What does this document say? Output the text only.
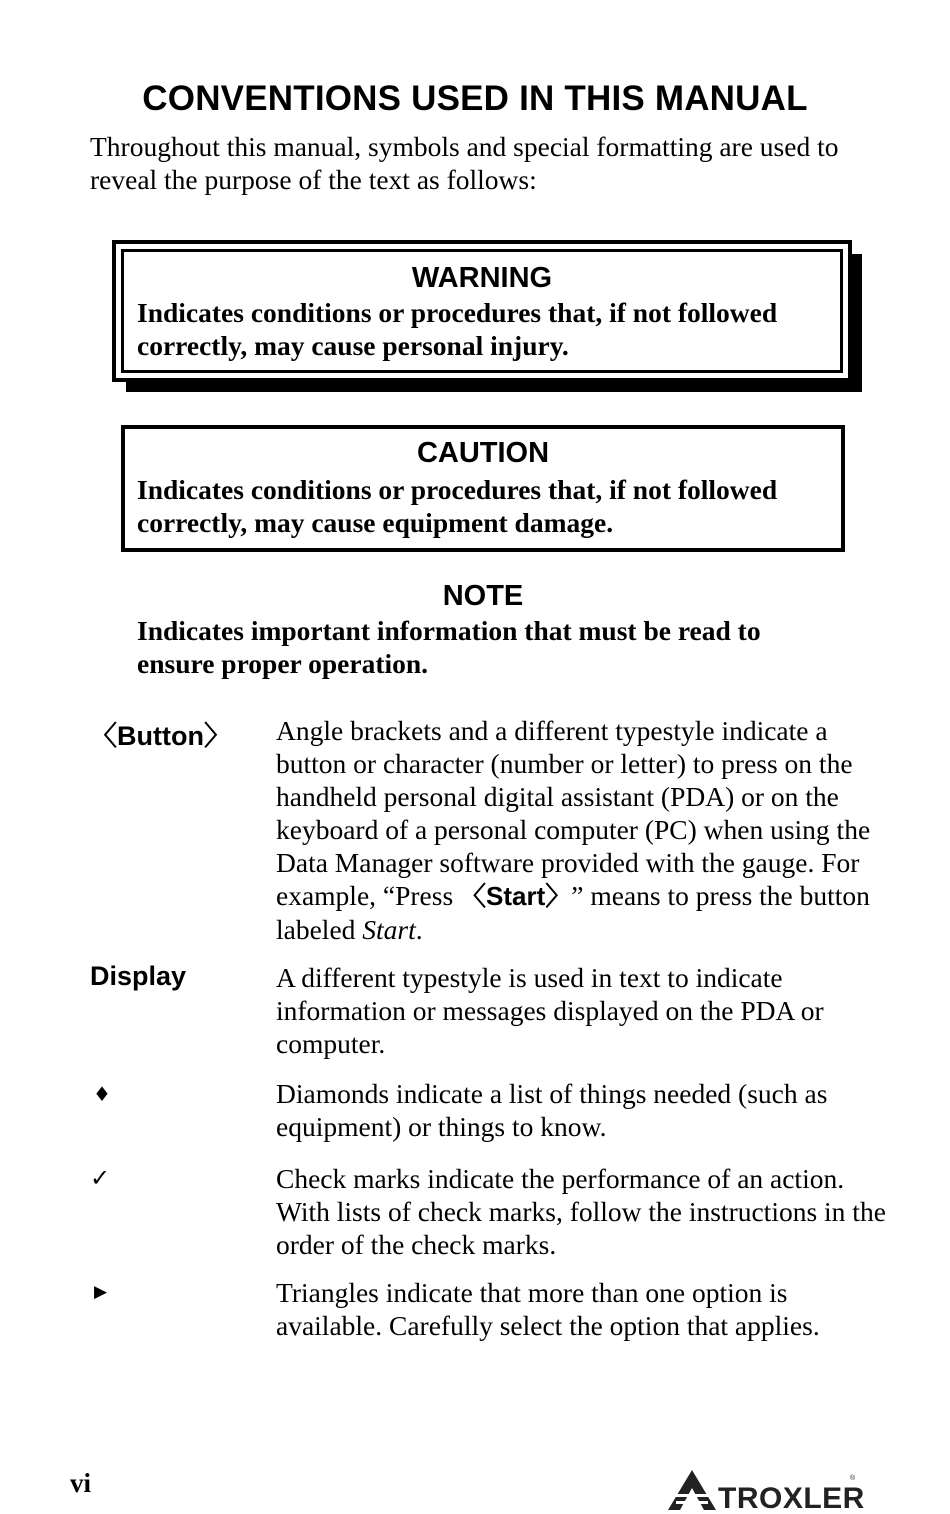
CONVENTIONS USED IN THIS MANUAL

Throughout this manual, symbols and special formatting are used to reveal the purpose of the text as follows:

WARNING
Indicates conditions or procedures that, if not followed correctly, may cause personal injury.
CAUTION
Indicates conditions or procedures that, if not followed correctly, may cause equipment damage.
NOTE
Indicates important information that must be read to ensure proper operation.
〈Button〉 Angle brackets and a different typestyle indicate a button or character (number or letter) to press on the handheld personal digital assistant (PDA) or on the keyboard of a personal computer (PC) when using the Data Manager software provided with the gauge. For example, “Press 〈Start〉” means to press the button labeled Start.
Display	A different typestyle is used in text to indicate information or messages displayed on the PDA or computer.
♦	Diamonds indicate a list of things needed (such as equipment) or things to know.
✓	Check marks indicate the performance of an action. With lists of check marks, follow the instructions in the order of the check marks.
▶	Triangles indicate that more than one option is available. Carefully select the option that applies.
vi	TROXLER
®
